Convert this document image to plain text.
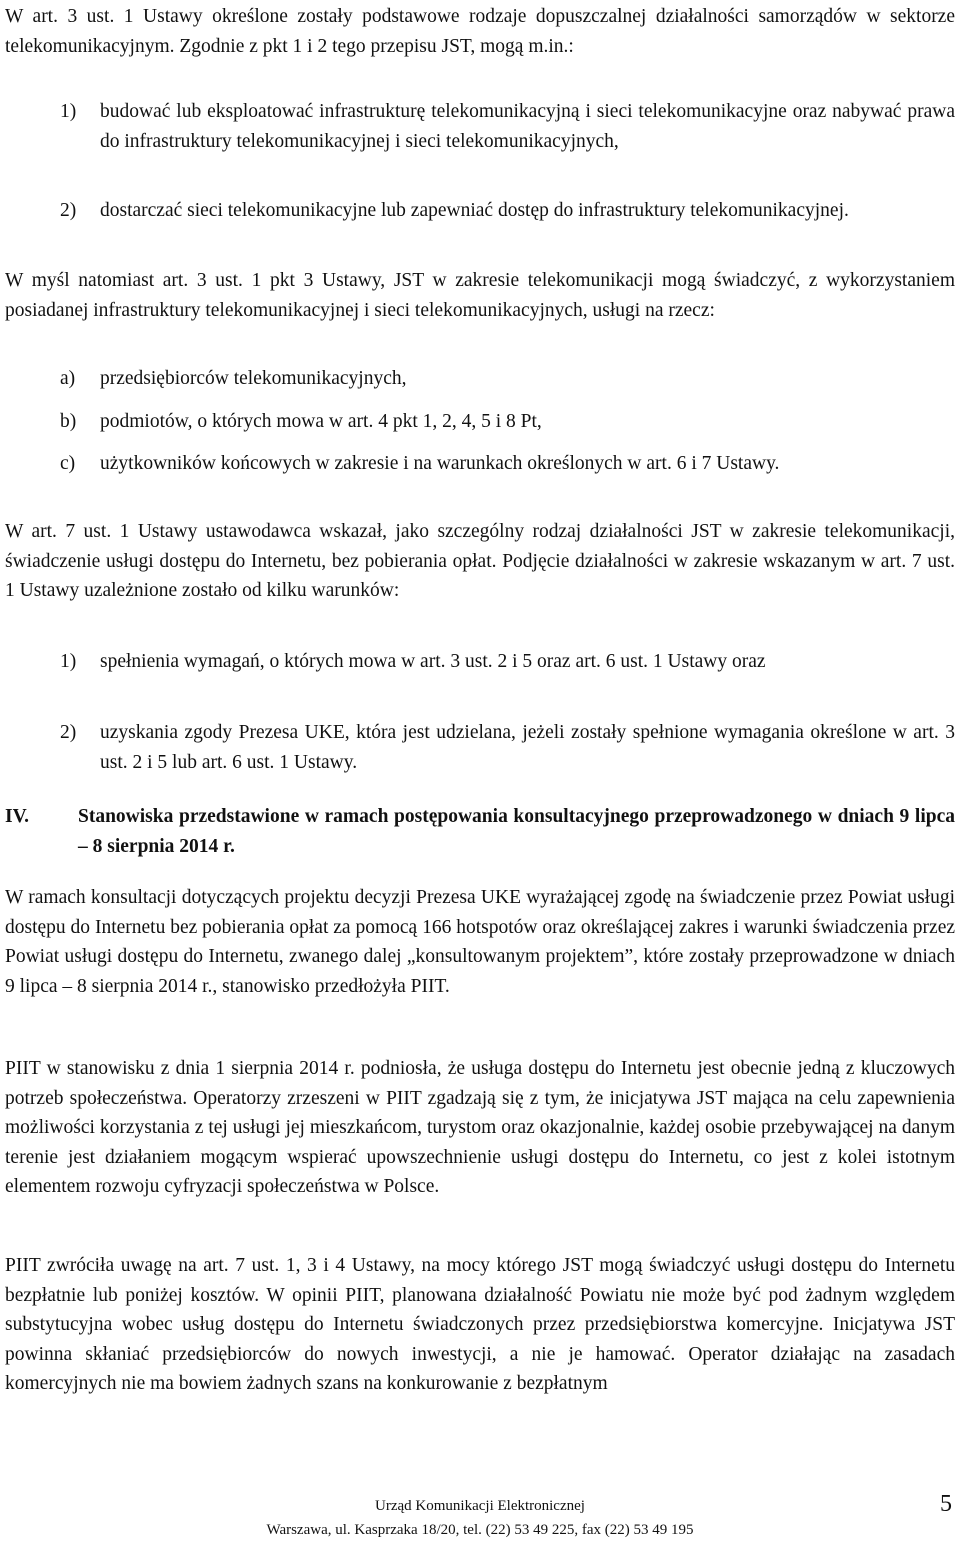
W art. 3 ust. 1 Ustawy określone zostały podstawowe rodzaje dopuszczalnej działalności samorządów w sektorze telekomunikacyjnym. Zgodnie z pkt 1 i 2 tego przepisu JST, mogą m.in.:

1) budować lub eksploatować infrastrukturę telekomunikacyjną i sieci telekomunikacyjne oraz nabywać prawa do infrastruktury telekomunikacyjnej i sieci telekomunikacyjnych,
2) dostarczać sieci telekomunikacyjne lub zapewniać dostęp do infrastruktury telekomunikacyjnej.

W myśl natomiast art. 3 ust. 1 pkt 3 Ustawy, JST w zakresie telekomunikacji mogą świadczyć, z wykorzystaniem posiadanej infrastruktury telekomunikacyjnej i sieci telekomunikacyjnych, usługi na rzecz:

a) przedsiębiorców telekomunikacyjnych,
b) podmiotów, o których mowa w art. 4 pkt 1, 2, 4, 5 i 8 Pt,
c) użytkowników końcowych w zakresie i na warunkach określonych w art. 6 i 7 Ustawy.

W art. 7 ust. 1 Ustawy ustawodawca wskazał, jako szczególny rodzaj działalności JST w zakresie telekomunikacji, świadczenie usługi dostępu do Internetu, bez pobierania opłat. Podjęcie działalności w zakresie wskazanym w art. 7 ust. 1 Ustawy uzależnione zostało od kilku warunków:

1) spełnienia wymagań, o których mowa w art. 3 ust. 2 i 5 oraz art. 6 ust. 1 Ustawy oraz
2) uzyskania zgody Prezesa UKE, która jest udzielana, jeżeli zostały spełnione wymagania określone w art. 3 ust. 2 i 5 lub art. 6 ust. 1 Ustawy.
IV.	Stanowiska przedstawione w ramach postępowania konsultacyjnego przeprowadzonego w dniach 9 lipca – 8 sierpnia 2014 r.

W ramach konsultacji dotyczących projektu decyzji Prezesa UKE wyrażającej zgodę na świadczenie przez Powiat usługi dostępu do Internetu bez pobierania opłat za pomocą 166 hotspotów oraz określającej zakres i warunki świadczenia przez Powiat usługi dostępu do Internetu, zwanego dalej „konsultowanym projektem”, które zostały przeprowadzone w dniach 9 lipca – 8 sierpnia 2014 r., stanowisko przedłożyła PIIT.

PIIT w stanowisku z dnia 1 sierpnia 2014 r. podniosła, że usługa dostępu do Internetu jest obecnie jedną z kluczowych potrzeb społeczeństwa. Operatorzy zrzeszeni w PIIT zgadzają się z tym, że inicjatywa JST mająca na celu zapewnienia możliwości korzystania z tej usługi jej mieszkańcom, turystom oraz okazjonalnie, każdej osobie przebywającej na danym terenie jest działaniem mogącym wspierać upowszechnienie usługi dostępu do Internetu, co jest z kolei istotnym elementem rozwoju cyfryzacji społeczeństwa w Polsce.

PIIT zwróciła uwagę na art. 7 ust. 1, 3 i 4 Ustawy, na mocy którego JST mogą świadczyć usługi dostępu do Internetu bezpłatnie lub poniżej kosztów. W opinii PIIT, planowana działalność Powiatu nie może być pod żadnym względem substytucyjna wobec usług dostępu do Internetu świadczonych przez przedsiębiorstwa komercyjne. Inicjatywa JST powinna skłaniać przedsiębiorców do nowych inwestycji, a nie je hamować. Operator działając na zasadach komercyjnych nie ma bowiem żadnych szans na konkurowanie z bezpłatnym

Urząd Komunikacji Elektronicznej
Warszawa, ul. Kasprzaka 18/20, tel. (22) 53 49 225, fax (22) 53 49 195
5
